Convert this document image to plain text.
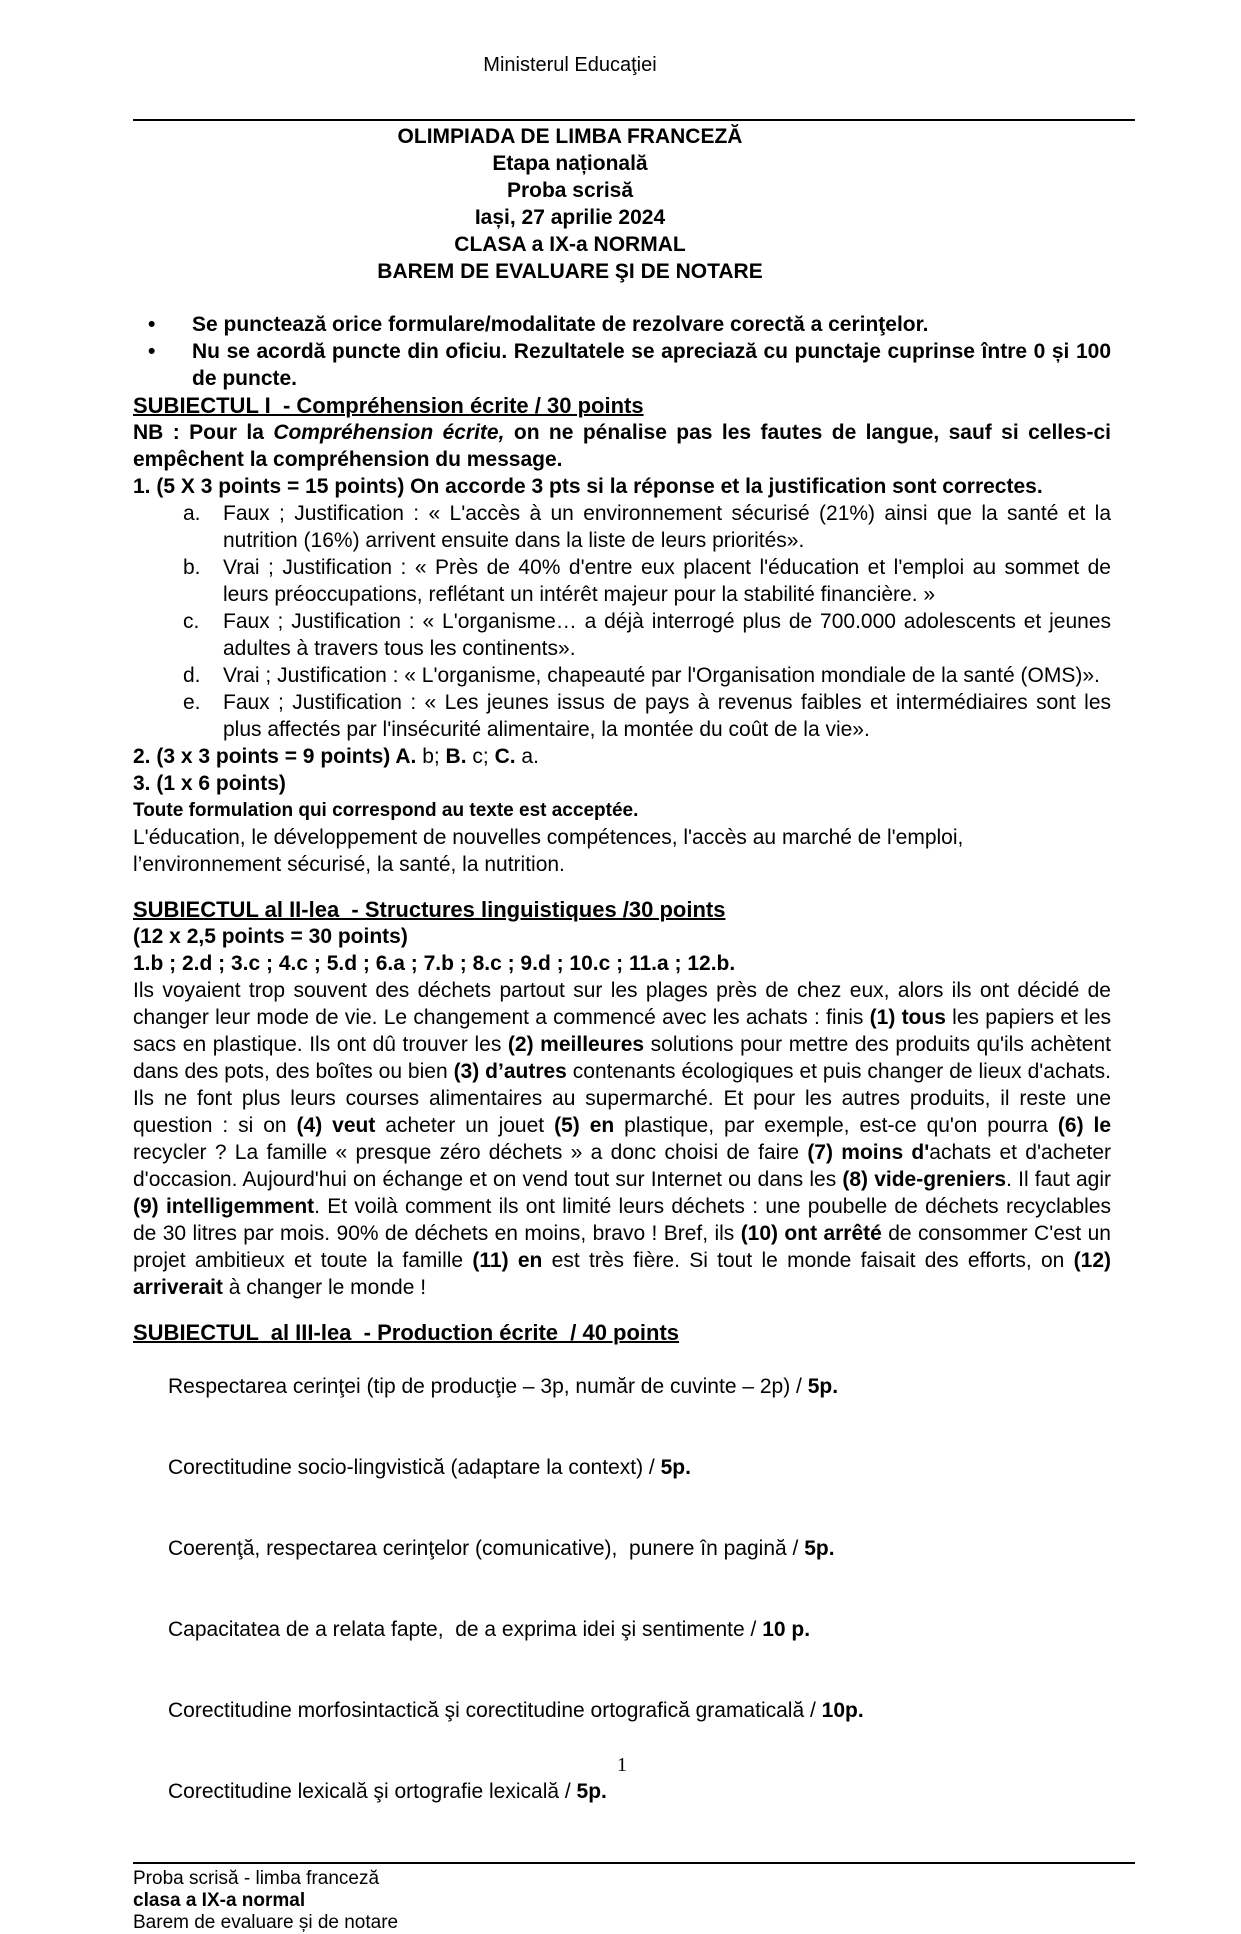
Ministerul Educaţiei
OLIMPIADA DE LIMBA FRANCEZĂ
Etapa națională
Proba scrisă
Iași, 27 aprilie 2024
CLASA a IX-a NORMAL
BAREM DE EVALUARE ŞI DE NOTARE
• Se punctează orice formulare/modalitate de rezolvare corectă a cerinţelor.
• Nu se acordă puncte din oficiu. Rezultatele se apreciază cu punctaje cuprinse între 0 și 100 de puncte.
SUBIECTUL I  - Compréhension écrite / 30 points
NB : Pour la Compréhension écrite, on ne pénalise pas les fautes de langue, sauf si celles-ci empêchent la compréhension du message.
1. (5 X 3 points = 15 points) On accorde 3 pts si la réponse et la justification sont correctes.
a. Faux ; Justification : « L'accès à un environnement sécurisé (21%) ainsi que la santé et la nutrition (16%) arrivent ensuite dans la liste de leurs priorités».
b. Vrai ; Justification : « Près de 40% d'entre eux placent l'éducation et l'emploi au sommet de leurs préoccupations, reflétant un intérêt majeur pour la stabilité financière. »
c. Faux ; Justification : « L'organisme… a déjà interrogé plus de 700.000 adolescents et jeunes adultes à travers tous les continents».
d. Vrai ; Justification : « L'organisme, chapeauté par l'Organisation mondiale de la santé (OMS)».
e. Faux ; Justification : « Les jeunes issus de pays à revenus faibles et intermédiaires sont les plus affectés par l'insécurité alimentaire, la montée du coût de la vie».
2. (3 x 3 points = 9 points) A. b; B. c; C. a.
3. (1 x 6 points)
Toute formulation qui correspond au texte est acceptée.
L'éducation, le développement de nouvelles compétences, l'accès au marché de l'emploi,
l’environnement sécurisé, la santé, la nutrition.
SUBIECTUL al II-lea  - Structures linguistiques /30 points
(12 x 2,5 points = 30 points)
1.b ; 2.d ; 3.c ; 4.c ; 5.d ; 6.a ; 7.b ; 8.c ; 9.d ; 10.c ; 11.a ; 12.b.
Ils voyaient trop souvent des déchets partout sur les plages près de chez eux, alors ils ont décidé de changer leur mode de vie. Le changement a commencé avec les achats : finis (1) tous les papiers et les sacs en plastique. Ils ont dû trouver les (2) meilleures solutions pour mettre des produits qu'ils achètent dans des pots, des boîtes ou bien (3) d’autres contenants écologiques et puis changer de lieux d'achats. Ils ne font plus leurs courses alimentaires au supermarché. Et pour les autres produits, il reste une question : si on (4) veut acheter un jouet (5) en plastique, par exemple, est-ce qu'on pourra (6) le recycler ? La famille « presque zéro déchets » a donc choisi de faire (7) moins d'achats et d'acheter d'occasion. Aujourd'hui on échange et on vend tout sur Internet ou dans les (8) vide-greniers. Il faut agir (9) intelligemment. Et voilà comment ils ont limité leurs déchets : une poubelle de déchets recyclables de 30 litres par mois. 90% de déchets en moins, bravo ! Bref, ils (10) ont arrêté de consommer C'est un projet ambitieux et toute la famille (11) en est très fière. Si tout le monde faisait des efforts, on (12) arriverait à changer le monde !
SUBIECTUL  al III-lea  - Production écrite  / 40 points

Respectarea cerinţei (tip de producţie – 3p, număr de cuvinte – 2p) / 5p.

Corectitudine socio-lingvistică (adaptare la context) / 5p.

Coerenţă, respectarea cerinţelor (comunicative),  punere în pagină / 5p.

Capacitatea de a relata fapte,  de a exprima idei şi sentimente / 10 p.

Corectitudine morfosintactică şi corectitudine ortografică gramaticală / 10p.

Corectitudine lexicală şi ortografie lexicală / 5p.

Proba scrisă - limba franceză
clasa a IX-a normal
Barem de evaluare și de notare
1
